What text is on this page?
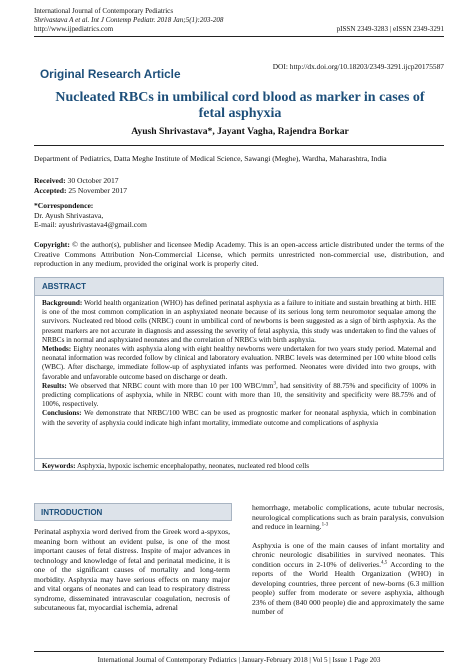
International Journal of Contemporary Pediatrics
Shrivastava A et al. Int J Contemp Pediatr. 2018 Jan;5(1):203-208
http://www.ijpediatrics.com	pISSN 2349-3283 | eISSN 2349-3291
Original Research Article
DOI: http://dx.doi.org/10.18203/2349-3291.ijcp20175587
Nucleated RBCs in umbilical cord blood as marker in cases of
fetal asphyxia
Ayush Shrivastava*, Jayant Vagha, Rajendra Borkar
Department of Pediatrics, Datta Meghe Institute of Medical Science, Sawangi (Meghe), Wardha, Maharashtra, India
Received: 30 October 2017
Accepted: 25 November 2017
*Correspondence:
Dr. Ayush Shrivastava,
E-mail: ayushrivastava4@gmail.com
Copyright: © the author(s), publisher and licensee Medip Academy. This is an open-access article distributed under the terms of the Creative Commons Attribution Non-Commercial License, which permits unrestricted non-commercial use, distribution, and reproduction in any medium, provided the original work is properly cited.
ABSTRACT

Background: World health organization (WHO) has defined perinatal asphyxia as a failure to initiate and sustain breathing at birth. HIE is one of the most common complication in an asphyxiated neonate because of its serious long term neuromotor sequalae among the survivors. Nucleated red blood cells (NRBC) count in umbilical cord of newborns is been suggested as a sign of birth asphyxia. As the present markers are not accurate in diagnosis and assessing the severity of fetal asphyxia, this study was undertaken to find the values of NRBCs in normal and asphyxiated neonates and the correlation of NRBCs with birth asphyxia.

Methods: Eighty neonates with asphyxia along with eight healthy newborns were undertaken for two years study period. Maternal and neonatal information was recorded follow by clinical and laboratory evaluation. NRBC levels was determined per 100 white blood cells (WBC). After discharge, immediate follow-up of asphyxiated infants was performed. Neonates were divided into two groups, with favorable and unfavorable outcome based on discharge or death.

Results: We observed that NRBC count with more than 10 per 100 WBC/$mm^3$, had sensitivity of 88.75% and specificity of 100% in predicting complications of asphyxia, while in NRBC count with more than 10, the sensitivity and specificity were 88.75% and of 100%, respectively.

Conclusions: We demonstrate that NRBC/100 WBC can be used as prognostic marker for neonatal asphyxia, which in combination with the severity of asphyxia could indicate high infant mortality, immediate outcome and complications of asphyxia

Keywords: Asphyxia, hypoxic ischemic encephalopathy, neonates, nucleated red blood cells
INTRODUCTION

Perinatal asphyxia word derived from the Greek word a-spyxos, meaning born without an evident pulse, is one of the most important causes of fetal distress. Inspite of major advances in technology and knowledge of fetal and perinatal medicine, it is one of the significant causes of mortality and long-term morbidity. Asphyxia may have serious effects on many major and vital organs of neonates and can lead to respiratory distress syndrome, disseminated intravascular coagulation, necrosis of subcutaneous fat, myocardial ischemia, adrenal

hemorrhage, metabolic complications, acute tubular necrosis, neurological complications such as brain paralysis, convulsion and reduce in learning.$^{1-3}$

Asphyxia is one of the main causes of infant mortality and chronic neurologic disabilities in survived neonates. This condition occurs in 2-10% of deliveries.$^{4,5}$ According to the reports of the World Health Organization (WHO) in developing countries, three percent of new-borns (6.3 million people) suffer from moderate or severe asphyxia, although 23% of them (840 000 people) die and approximately the same number of

International Journal of Contemporary Pediatrics | January-February 2018 | Vol 5 | Issue 1 Page 203
